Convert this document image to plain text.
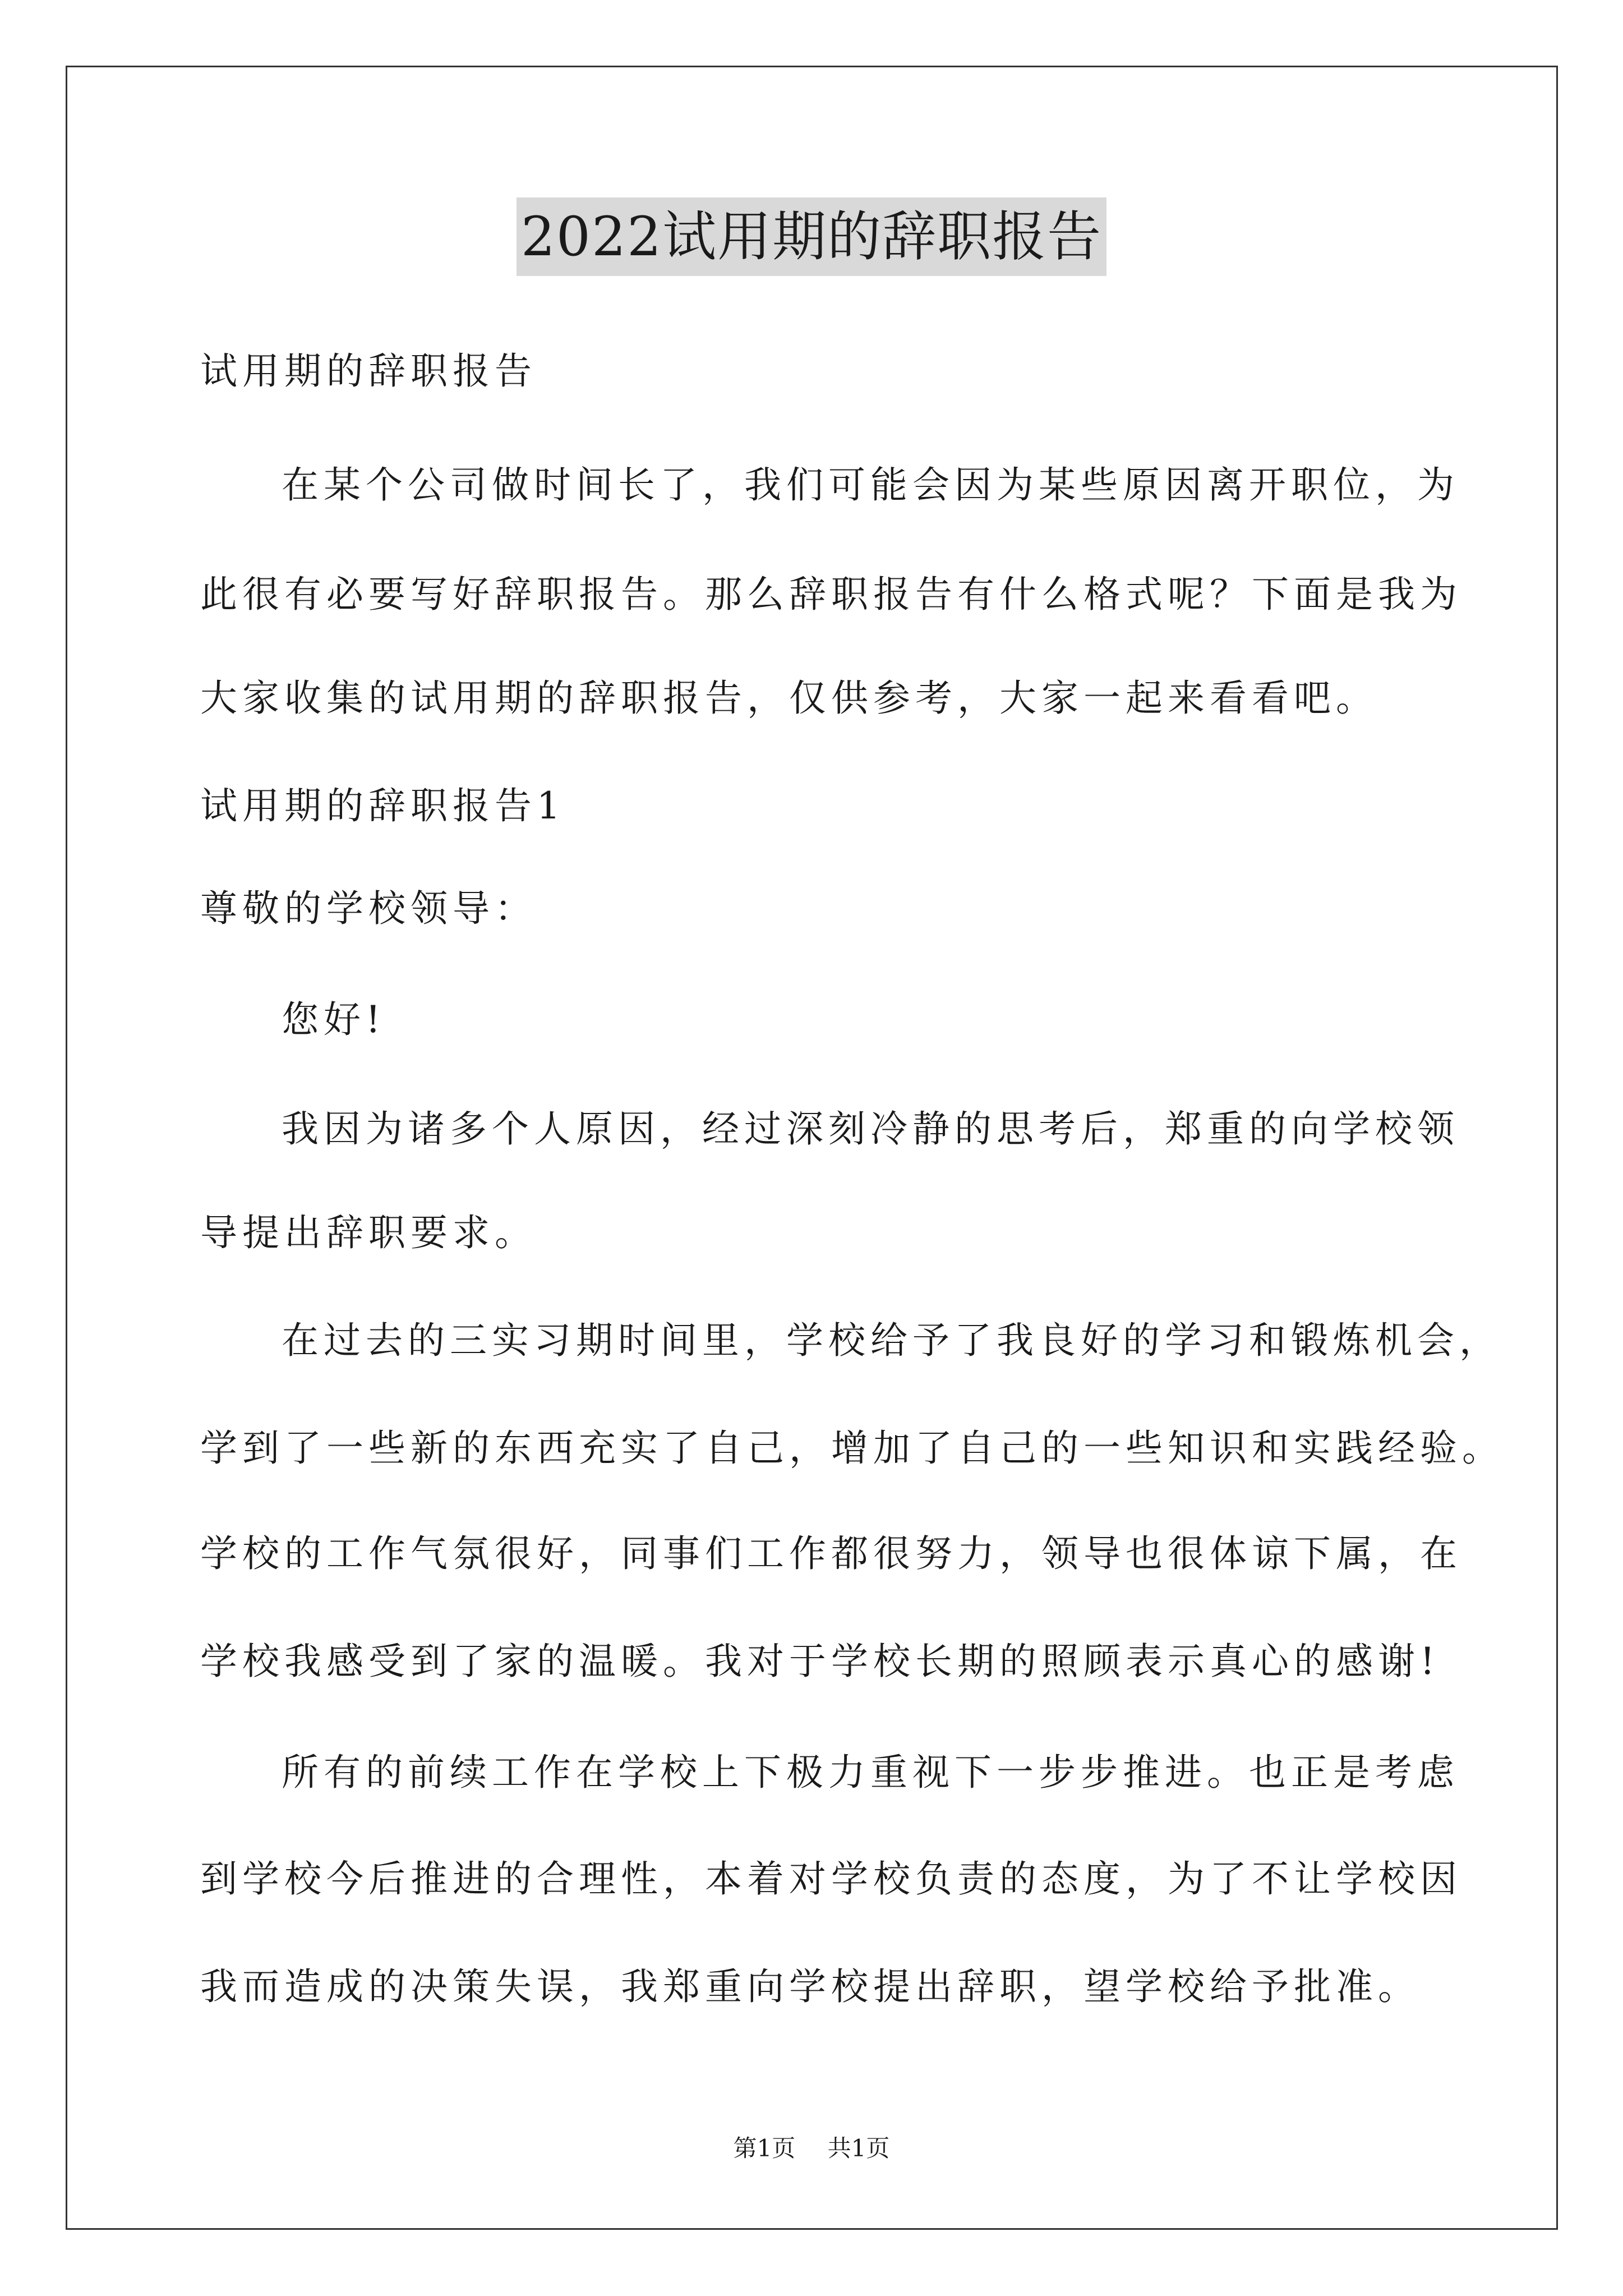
2022试用期的辞职报告
试用期的辞职报告
在某个公司做时间长了，我们可能会因为某些原因离开职位，为
此很有必要写好辞职报告。那么辞职报告有什么格式呢？下面是我为
大家收集的试用期的辞职报告，仅供参考，大家一起来看看吧。
试用期的辞职报告1
尊敬的学校领导：
您好!
我因为诸多个人原因，经过深刻冷静的思考后，郑重的向学校领
导提出辞职要求。
在过去的三实习期时间里，学校给予了我良好的学习和锻炼机会，
学到了一些新的东西充实了自己，增加了自己的一些知识和实践经验。
学校的工作气氛很好，同事们工作都很努力，领导也很体谅下属，在
学校我感受到了家的温暖。我对于学校长期的照顾表示真心的感谢!
所有的前续工作在学校上下极力重视下一步步推进。也正是考虑
到学校今后推进的合理性，本着对学校负责的态度，为了不让学校因
我而造成的决策失误，我郑重向学校提出辞职，望学校给予批准。
第1页 共1页
